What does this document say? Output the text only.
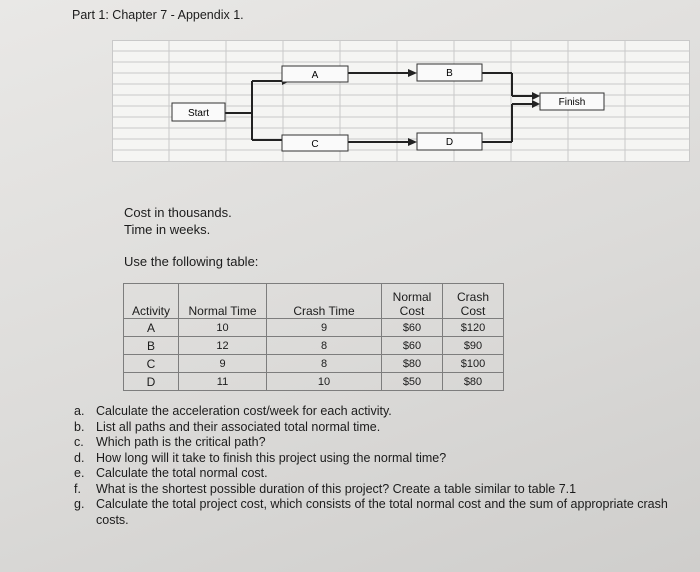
Part 1: Chapter 7 - Appendix 1.
Start
A	B
C	D
Finish
Cost in thousands.
Time in weeks.
Use the following table:
Activity	Normal Time	Crash Time	Normal Cost	Crash Cost
A	10	9	$60	$120
B	12	8	$60	$90
C	9	8	$80	$100
D	11	10	$50	$80
a. Calculate the acceleration cost/week for each activity.
b. List all paths and their associated total normal time.
c. Which path is the critical path?
d. How long will it take to finish this project using the normal time?
e. Calculate the total normal cost.
f.	What is the shortest possible duration of this project? Create a table similar to table 7.1
g. Calculate the total project cost, which consists of the total normal cost and the sum of appropriate crash costs.
